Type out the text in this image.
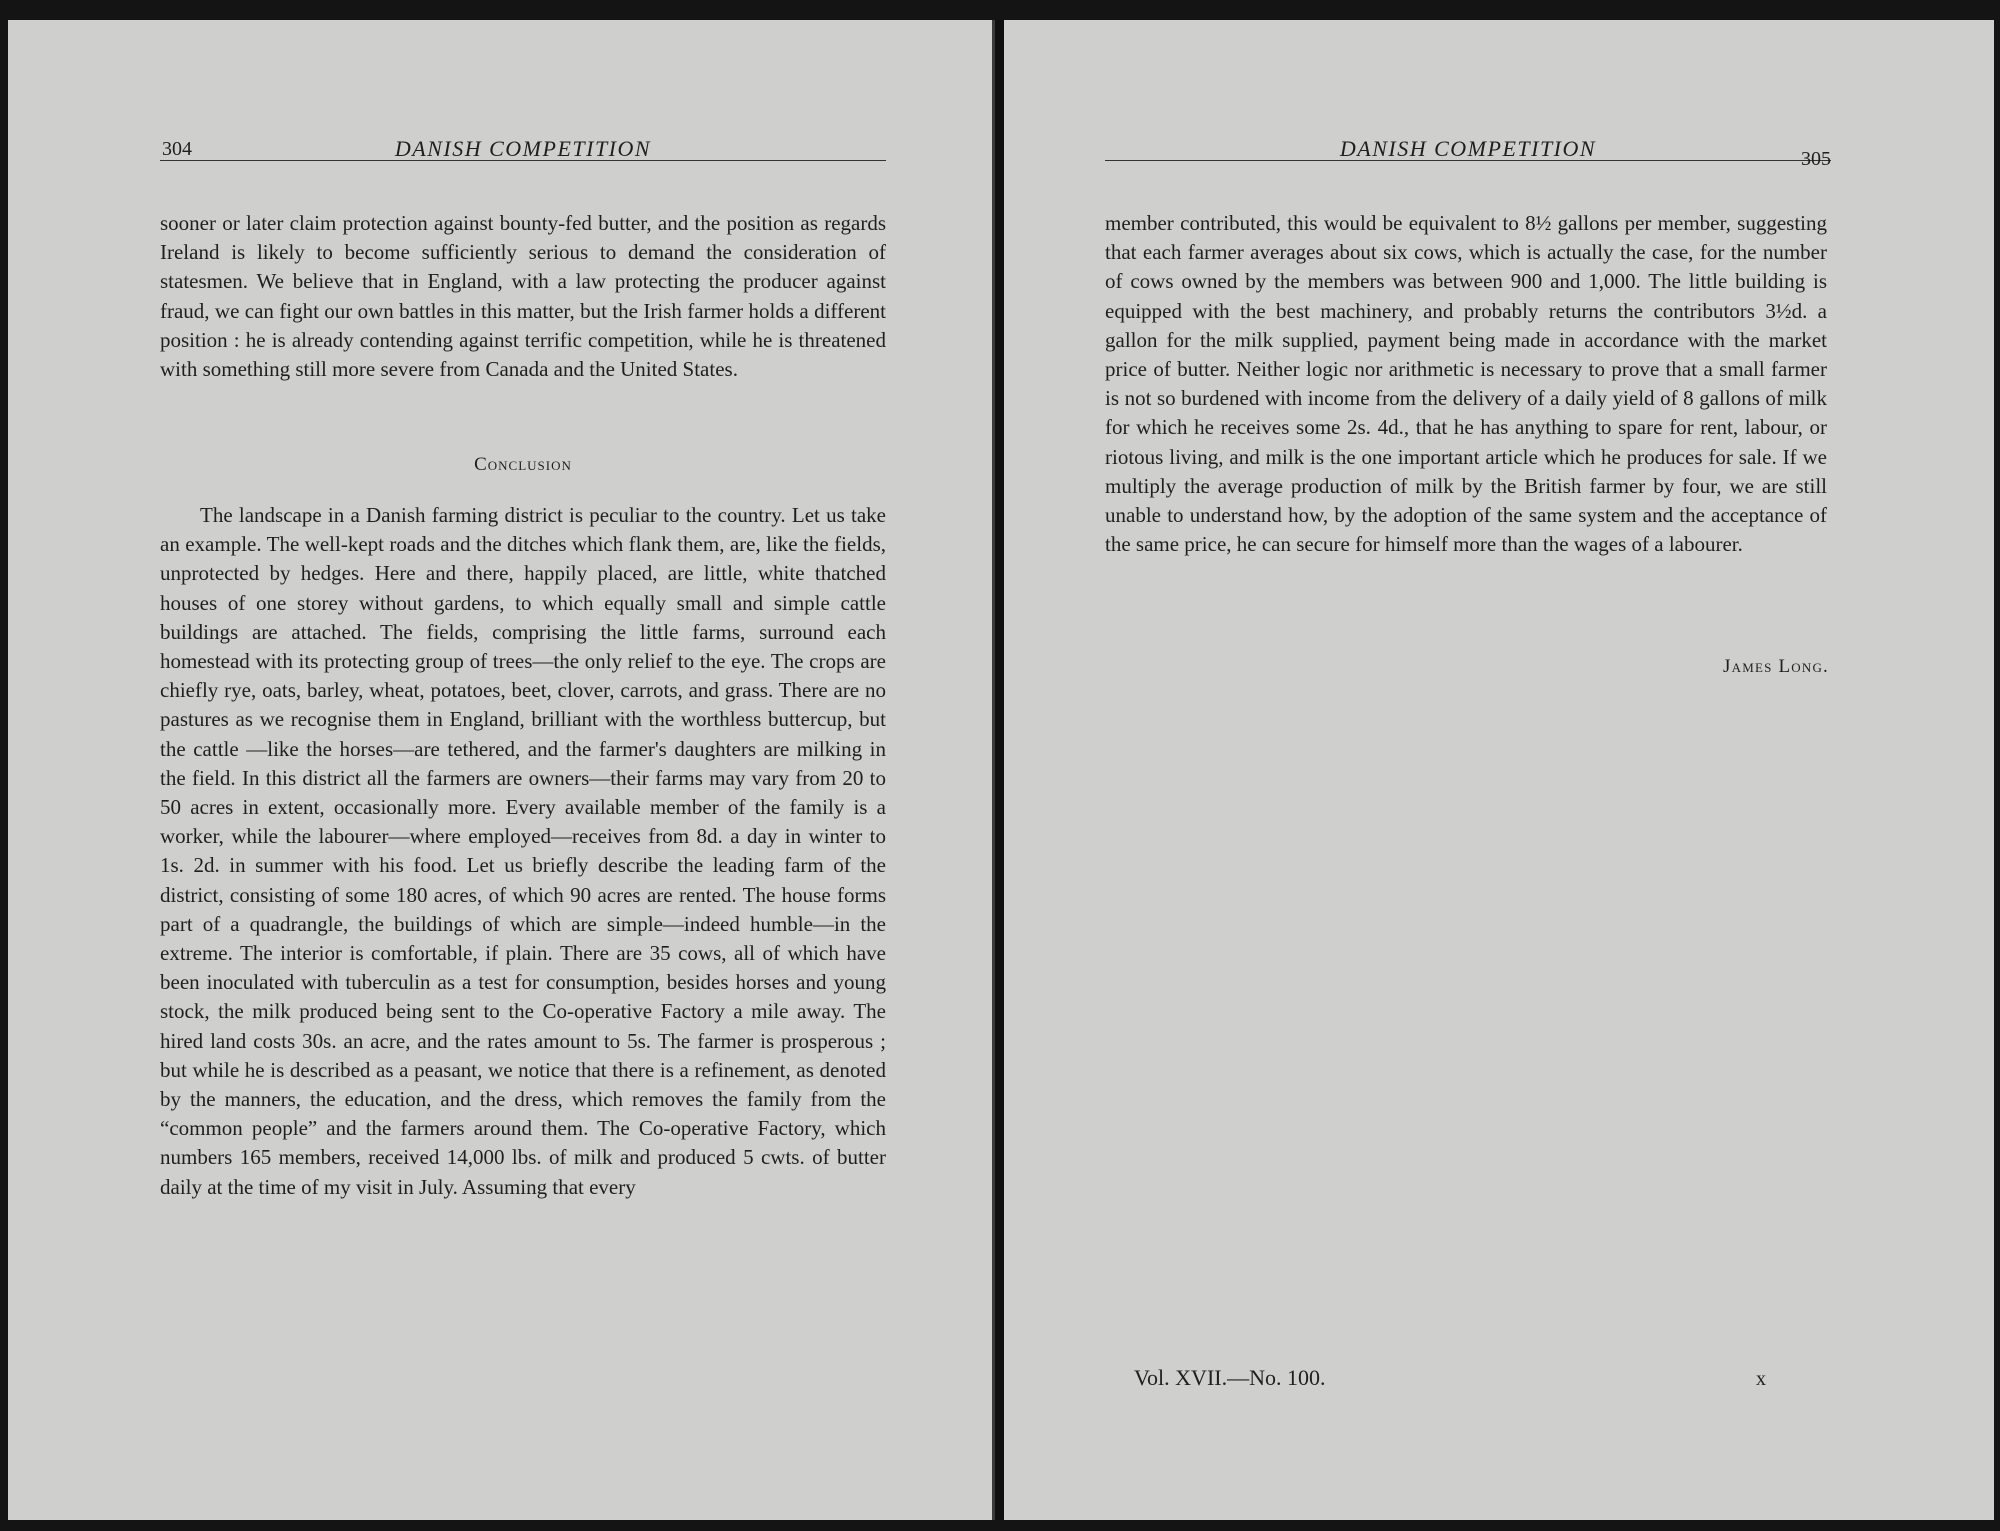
304	DANISH COMPETITION

sooner or later claim protection against bounty-fed butter, and the position as regards Ireland is likely to become sufficiently serious to demand the consideration of statesmen. We believe that in England, with a law protecting the producer against fraud, we can fight our own battles in this matter, but the Irish farmer holds a different position : he is already contending against terrific competition, while he is threatened with something still more severe from Canada and the United States.

Conclusion

The landscape in a Danish farming district is peculiar to the country. Let us take an example. The well-kept roads and the ditches which flank them, are, like the fields, unprotected by hedges. Here and there, happily placed, are little, white thatched houses of one storey without gardens, to which equally small and simple cattle buildings are attached. The fields, comprising the little farms, surround each homestead with its protecting group of trees—the only relief to the eye. The crops are chiefly rye, oats, barley, wheat, potatoes, beet, clover, carrots, and grass. There are no pastures as we recognise them in England, brilliant with the worthless buttercup, but the cattle —like the horses—are tethered, and the farmer's daughters are milking in the field. In this district all the farmers are owners—their farms may vary from 20 to 50 acres in extent, occasionally more. Every available member of the family is a worker, while the labourer—where employed—receives from 8d. a day in winter to 1s. 2d. in summer with his food. Let us briefly describe the leading farm of the district, consisting of some 180 acres, of which 90 acres are rented. The house forms part of a quadrangle, the buildings of which are simple—indeed humble—in the extreme. The interior is comfortable, if plain. There are 35 cows, all of which have been inoculated with tuberculin as a test for consumption, besides horses and young stock, the milk produced being sent to the Co-operative Factory a mile away. The hired land costs 30s. an acre, and the rates amount to 5s. The farmer is prosperous ; but while he is described as a peasant, we notice that there is a refinement, as denoted by the manners, the education, and the dress, which removes the family from the “common people” and the farmers around them. The Co-operative Factory, which numbers 165 members, received 14,000 lbs. of milk and produced 5 cwts. of butter daily at the time of my visit in July. Assuming that every

DANISH COMPETITION	305

member contributed, this would be equivalent to 8½ gallons per member, suggesting that each farmer averages about six cows, which is actually the case, for the number of cows owned by the members was between 900 and 1,000. The little building is equipped with the best machinery, and probably returns the contributors 3½d. a gallon for the milk supplied, payment being made in accordance with the market price of butter. Neither logic nor arithmetic is necessary to prove that a small farmer is not so burdened with income from the delivery of a daily yield of 8 gallons of milk for which he receives some 2s. 4d., that he has anything to spare for rent, labour, or riotous living, and milk is the one important article which he produces for sale. If we multiply the average production of milk by the British farmer by four, we are still unable to understand how, by the adoption of the same system and the acceptance of the same price, he can secure for himself more than the wages of a labourer.

James Long.
Vol. XVII.—No. 100.	x
